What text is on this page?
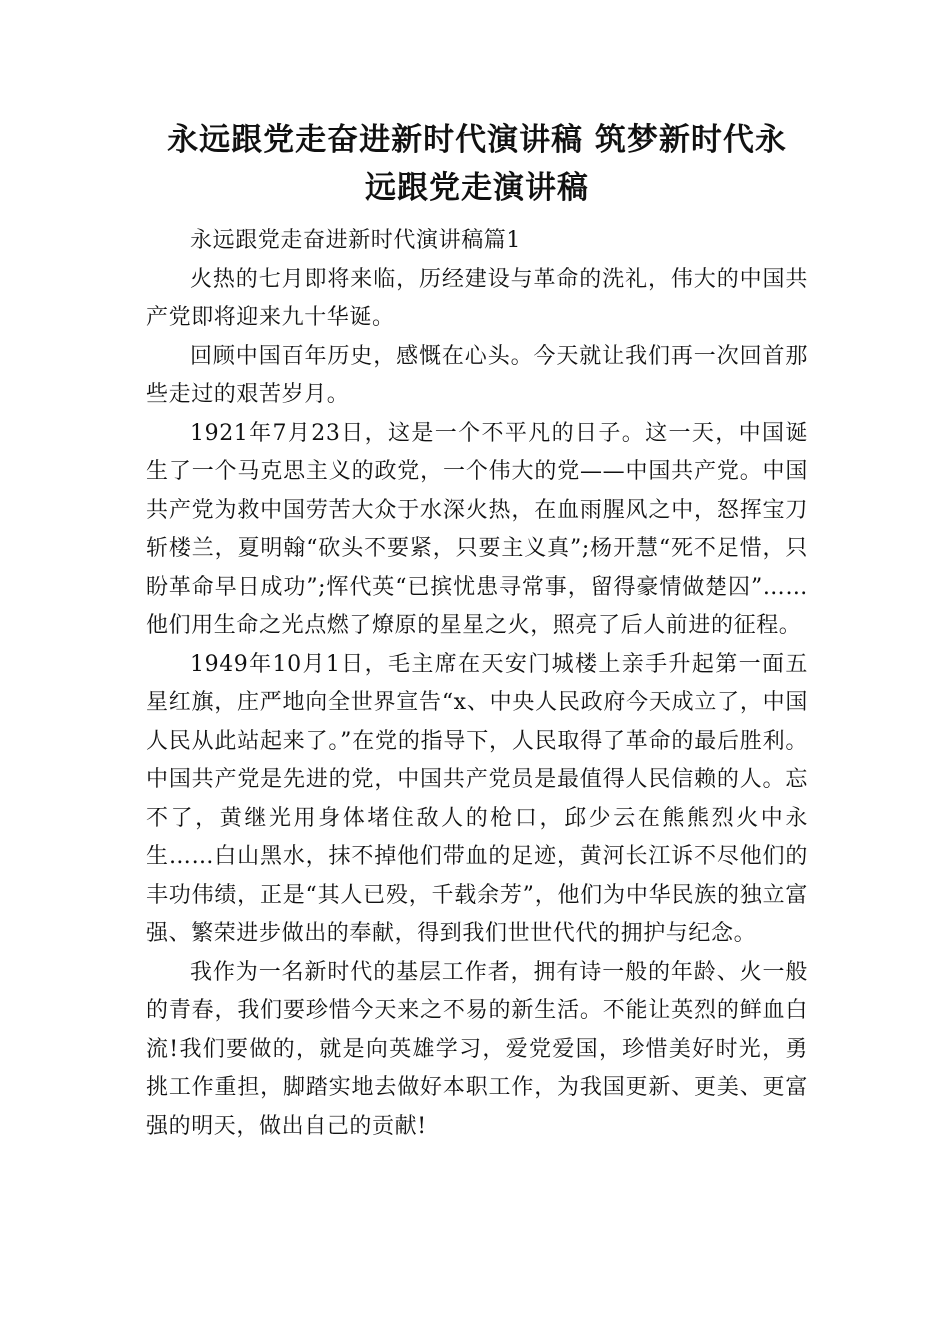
永远跟党走奋进新时代演讲稿 筑梦新时代永
远跟党走演讲稿

永远跟党走奋进新时代演讲稿篇1

火热的七月即将来临，历经建设与革命的洗礼，伟大的中国共产党即将迎来九十华诞。

回顾中国百年历史，感慨在心头。今天就让我们再一次回首那些走过的艰苦岁月。

1921年7月23日，这是一个不平凡的日子。这一天，中国诞生了一个马克思主义的政党，一个伟大的党——中国共产党。中国共产党为救中国劳苦大众于水深火热，在血雨腥风之中，怒挥宝刀斩楼兰，夏明翰“砍头不要紧，只要主义真”;杨开慧“死不足惜，只盼革命早日成功”;恽代英“已摈忧患寻常事，留得豪情做楚囚”……他们用生命之光点燃了燎原的星星之火，照亮了后人前进的征程。

1949年10月1日，毛主席在天安门城楼上亲手升起第一面五星红旗，庄严地向全世界宣告“x、中央人民政府今天成立了，中国人民从此站起来了。”在党的指导下，人民取得了革命的最后胜利。中国共产党是先进的党，中国共产党员是最值得人民信赖的人。忘不了，黄继光用身体堵住敌人的枪口，邱少云在熊熊烈火中永生……白山黑水，抹不掉他们带血的足迹，黄河长江诉不尽他们的丰功伟绩，正是“其人已殁，千载余芳”，他们为中华民族的独立富强、繁荣进步做出的奉献，得到我们世世代代的拥护与纪念。

我作为一名新时代的基层工作者，拥有诗一般的年龄、火一般的青春，我们要珍惜今天来之不易的新生活。不能让英烈的鲜血白流!我们要做的，就是向英雄学习，爱党爱国，珍惜美好时光，勇挑工作重担，脚踏实地去做好本职工作，为我国更新、更美、更富强的明天，做出自己的贡献!
